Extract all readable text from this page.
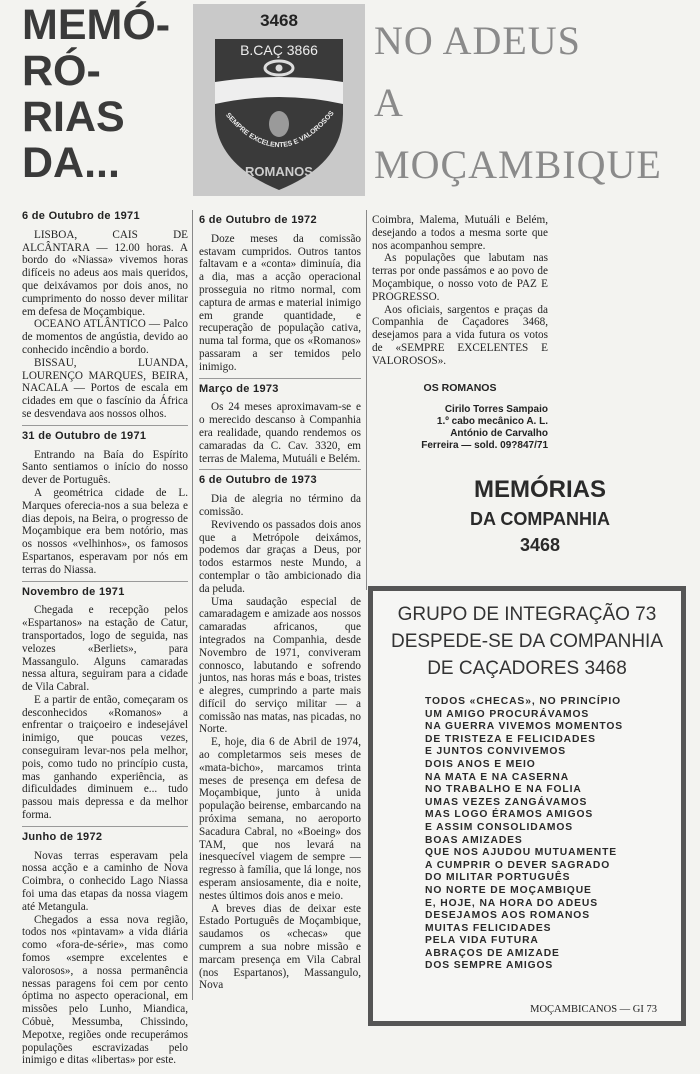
MEMÓ-
RÓ-
RIAS
DA...
3468
B.CAÇ 3866
SEMPRE EXCELENTES E VALOROSOS
ROMANOS
NO ADEUS
A
MOÇAMBIQUE
6 de Outubro de 1971

LISBOA, CAIS DE ALCÂNTARA — 12.00 horas. A bordo do «Niassa» vivemos horas difíceis no adeus aos mais queridos, que deixávamos por dois anos, no cumprimento do nosso dever militar em defesa de Moçambique.

OCEANO ATLÂNTICO — Palco de momentos de angústia, devido ao conhecido incêndio a bordo.

BISSAU, LUANDA, LOURENÇO MARQUES, BEIRA, NACALA — Portos de escala em cidades em que o fascínio da África se desvendava aos nossos olhos.

31 de Outubro de 1971

Entrando na Baía do Espírito Santo sentiamos o início do nosso dever de Português.

A geométrica cidade de L. Marques oferecia-nos a sua beleza e dias depois, na Beira, o progresso de Moçambique era bem notório, mas os nossos «velhinhos», os famosos Espartanos, esperavam por nós em terras do Niassa.

Novembro de 1971

Chegada e recepção pelos «Espartanos» na estação de Catur, transportados, logo de seguida, nas velozes «Berliets», para Massangulo. Alguns camaradas nessa altura, seguiram para a cidade de Vila Cabral.

E a partir de então, começaram os desconhecidos «Romanos» a enfrentar o traiçoeiro e indesejável inimigo, que poucas vezes, conseguiram levar-nos pela melhor, pois, como tudo no princípio custa, mas ganhando experiência, as dificuldades diminuem e... tudo passou mais depressa e da melhor forma.

Junho de 1972

Novas terras esperavam pela nossa acção e a caminho de Nova Coimbra, o conhecido Lago Niassa foi uma das etapas da nossa viagem até Metangula.

Chegados a essa nova região, todos nos «pintavam» a vida diária como «fora-de-série», mas como fomos «sempre excelentes e valorosos», a nossa permanência nessas paragens foi cem por cento óptima no aspecto operacional, em missões pelo Lunho, Miandica, Cóbuè, Messumba, Chissindo, Mepotxe, regiões onde recuperámos populações escravizadas pelo inimigo e ditas «libertas» por este.

6 de Outubro de 1972

Doze meses da comissão estavam cumpridos. Outros tantos faltavam e a «conta» diminuía, dia a dia, mas a acção operacional prosseguia no ritmo normal, com captura de armas e material inimigo em grande quantidade, e recuperação de população cativa, numa tal forma, que os «Romanos» passaram a ser temidos pelo inimigo.

Março de 1973

Os 24 meses aproximavam-se e o merecido descanso à Companhia era realidade, quando rendemos os camaradas da C. Cav. 3320, em terras de Malema, Mutuáli e Belém.

6 de Outubro de 1973

Dia de alegria no término da comissão.

Revivendo os passados dois anos que a Metrópole deixámos, podemos dar graças a Deus, por todos estarmos neste Mundo, a contemplar o tão ambicionado dia da peluda.

Uma saudação especial de camaradagem e amizade aos nossos camaradas africanos, que integrados na Companhia, desde Novembro de 1971, conviveram connosco, labutando e sofrendo juntos, nas horas más e boas, tristes e alegres, cumprindo a parte mais difícil do serviço militar — a comissão nas matas, nas picadas, no Norte.

E, hoje, dia 6 de Abril de 1974, ao completarmos seis meses de «mata-bicho», marcamos trinta meses de presença em defesa de Moçambique, junto à unida população beirense, embarcando na próxima semana, no aeroporto Sacadura Cabral, no «Boeing» dos TAM, que nos levará na inesquecível viagem de sempre — regresso à família, que lá longe, nos esperam ansiosamente, dia e noite, nestes últimos dois anos e meio.

A breves dias de deixar este Estado Português de Moçambique, saudamos os «checas» que cumprem a sua nobre missão e marcam presença em Vila Cabral (nos Espartanos), Massangulo, Nova

Coimbra, Malema, Mutuáli e Belém, desejando a todos a mesma sorte que nos acompanhou sempre.

As populações que labutam nas terras por onde passámos e ao povo de Moçambique, o nosso voto de PAZ E PROGRESSO.

Aos oficiais, sargentos e praças da Companhia de Caçadores 3468, desejamos para a vida futura os votos de «SEMPRE EXCELENTES E VALOROSOS».

OS ROMANOS
Cirilo Torres Sampaio
1.º cabo mecânico A. L.
António de Carvalho
Ferreira — sold. 09?847/71
MEMÓRIAS
DA COMPANHIA
3468
GRUPO DE INTEGRAÇÃO 73
DESPEDE-SE DA COMPANHIA
DE CAÇADORES 3468
TODOS «CHECAS», NO PRINCÍPIO
UM AMIGO PROCURÁVAMOS
NA GUERRA VIVEMOS MOMENTOS
DE TRISTEZA E FELICIDADES
E JUNTOS CONVIVEMOS
DOIS ANOS E MEIO
NA MATA E NA CASERNA
NO TRABALHO E NA FOLIA
UMAS VEZES ZANGÁVAMOS
MAS LOGO ÉRAMOS AMIGOS
E ASSIM CONSOLIDAMOS
BOAS AMIZADES
QUE NOS AJUDOU MUTUAMENTE
A CUMPRIR O DEVER SAGRADO
DO MILITAR PORTUGUÊS
NO NORTE DE MOÇAMBIQUE
E, HOJE, NA HORA DO ADEUS
DESEJAMOS AOS ROMANOS
MUITAS FELICIDADES
PELA VIDA FUTURA
ABRAÇOS DE AMIZADE
DOS SEMPRE AMIGOS
MOÇAMBICANOS — GI 73
